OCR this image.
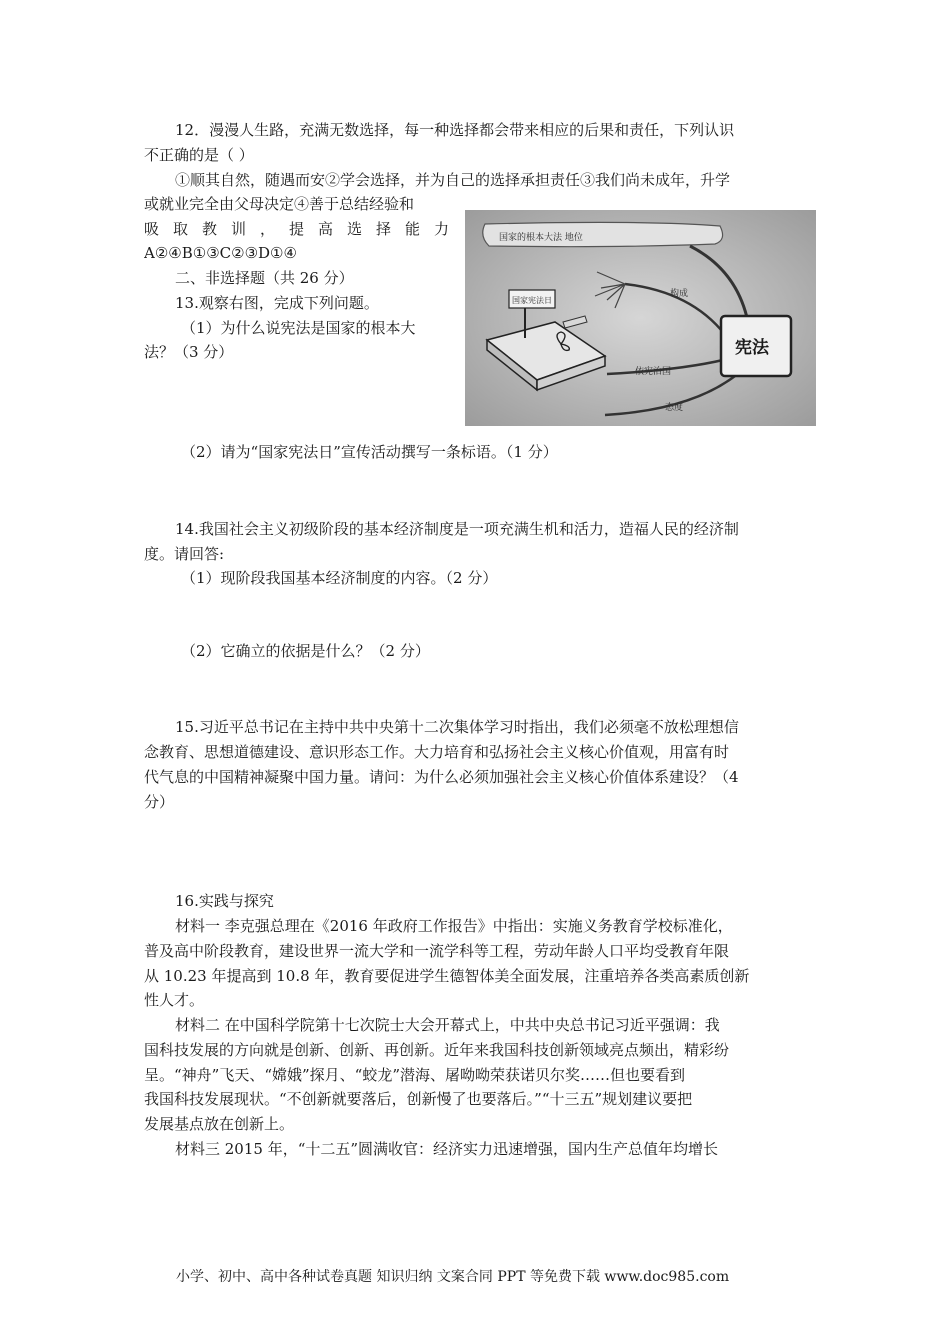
12．漫漫人生路，充满无数选择，每一种选择都会带来相应的后果和责任，下列认识
不正确的是（ ）
①顺其自然，随遇而安②学会选择，并为自己的选择承担责任③我们尚未成年，升学
或就业完全由父母决定④善于总结经验和
吸 取 教 训 ， 提 高 选 择 能 力
A②④B①③C②③D①④
二、非选择题（共 26 分）
13.观察右图，完成下列问题。
（1）为什么说宪法是国家的根本大
法？（3 分）
国家的根本大法 地位
构成
依宪治国
态度
宪法
国家宪法日
（2）请为“国家宪法日”宣传活动撰写一条标语。（1 分）
14.我国社会主义初级阶段的基本经济制度是一项充满生机和活力，造福人民的经济制
度。请回答:
（1）现阶段我国基本经济制度的内容。（2 分）
（2）它确立的依据是什么？（2 分）
15.习近平总书记在主持中共中央第十二次集体学习时指出，我们必须毫不放松理想信
念教育、思想道德建设、意识形态工作。大力培育和弘扬社会主义核心价值观，用富有时
代气息的中国精神凝聚中国力量。请问：为什么必须加强社会主义核心价值体系建设？（4
分）
16.实践与探究
材料一 李克强总理在《2016 年政府工作报告》中指出：实施义务教育学校标准化，
普及高中阶段教育，建设世界一流大学和一流学科等工程，劳动年龄人口平均受教育年限
从 10.23 年提高到 10.8 年，教育要促进学生德智体美全面发展，注重培养各类高素质创新
性人才。
材料二 在中国科学院第十七次院士大会开幕式上，中共中央总书记习近平强调：我
国科技发展的方向就是创新、创新、再创新。近年来我国科技创新领域亮点频出，精彩纷
呈。“神舟”飞天、“嫦娥”探月、“蛟龙”潜海、屠呦呦荣获诺贝尔奖……但也要看到
我国科技发展现状。“不创新就要落后，创新慢了也要落后。”“十三五”规划建议要把
发展基点放在创新上。
材料三 2015 年，“十二五”圆满收官：经济实力迅速增强，国内生产总值年均增长
小学、初中、高中各种试卷真题 知识归纳 文案合同 PPT 等免费下载 www.doc985.com
